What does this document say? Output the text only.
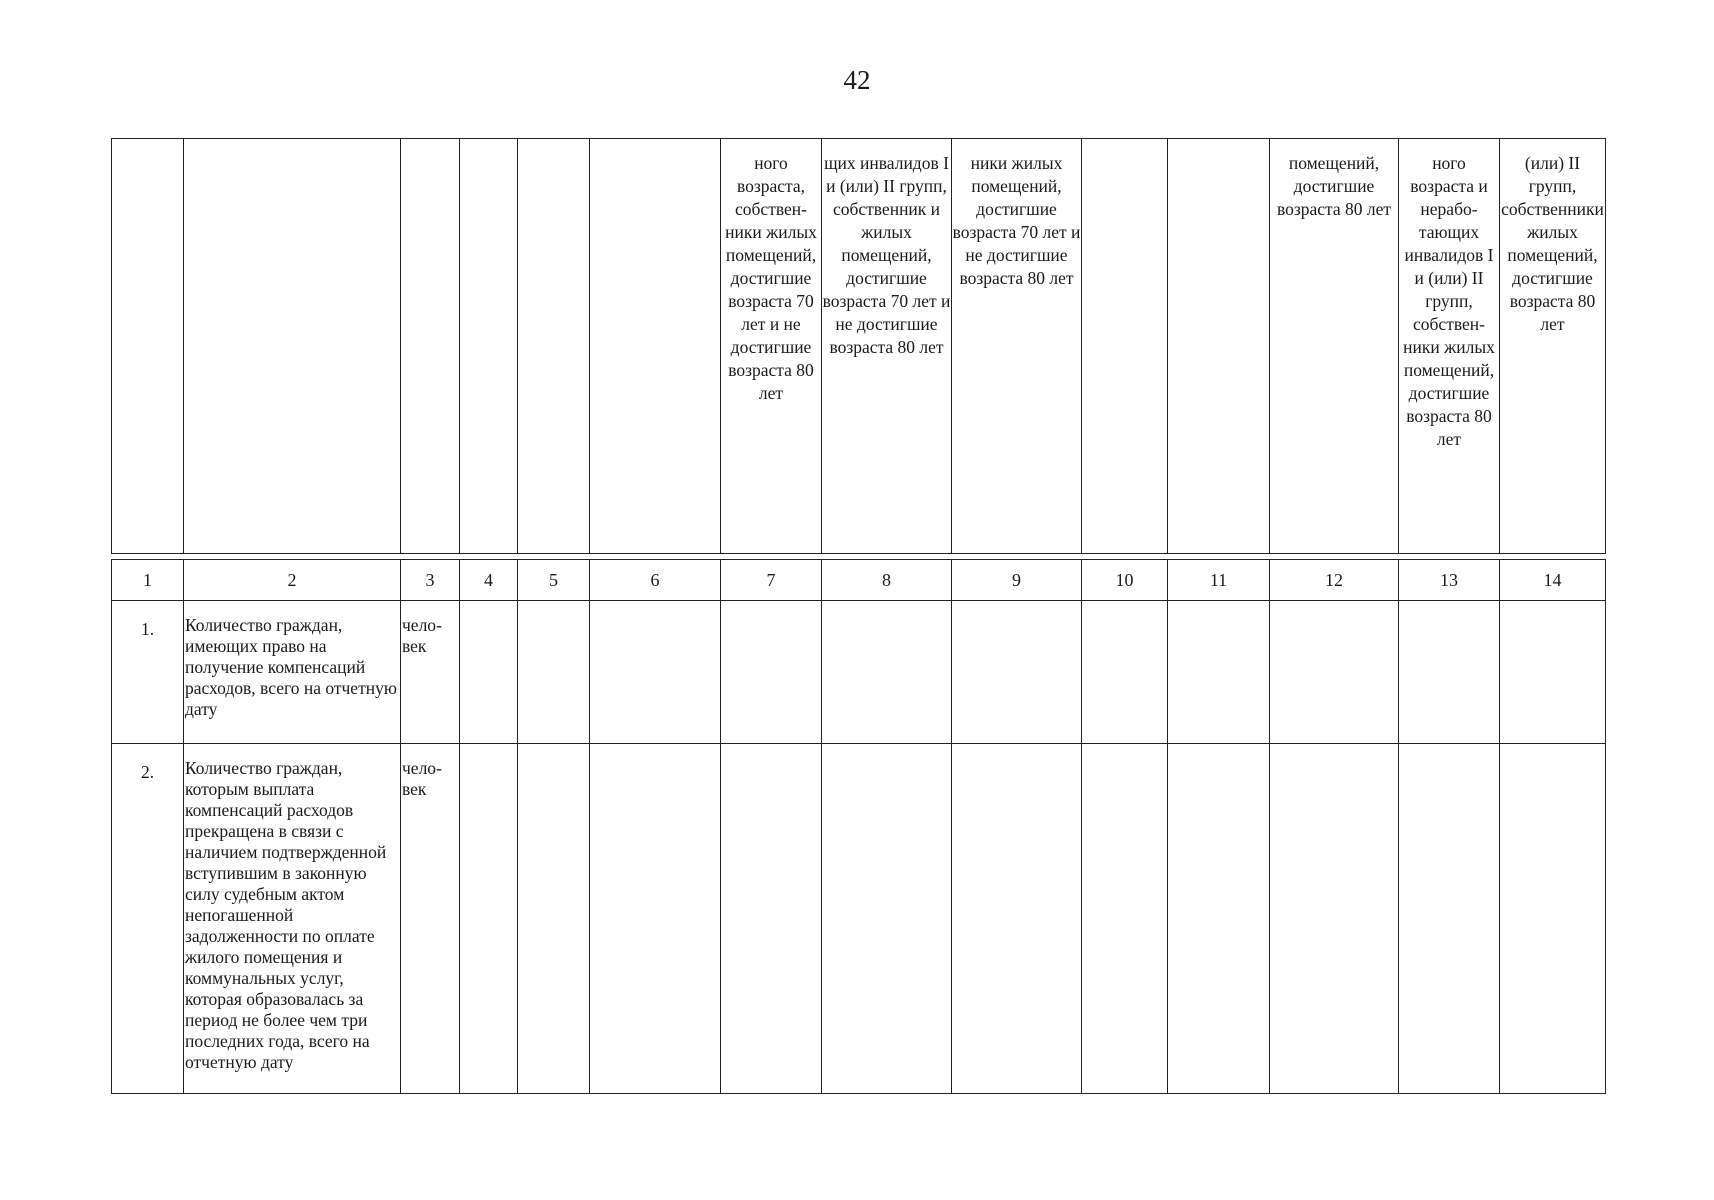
42
						ного возраста, собственники жилых помещений, достигшие возраста 70 лет и не достигшие возраста 80 лет	щих инвалидов I и (или) II групп, собственник и жилых помещений, достигшие возраста 70 лет и не достигшие возраста 80 лет	ники жилых помещений, достигшие возраста 70 лет и не достигшие возраста 80 лет			помещений, достигшие возраста 80 лет	ного возраста и неработающих инвалидов I и (или) II групп, собственники жилых помещений, достигшие возраста 80 лет	(или) II групп, собственники жилых помещений, достигшие возраста 80 лет
1	2	3	4	5	6	7	8	9	10	11	12	13	14
1.	Количество граждан, имеющих право на получение компенсаций расходов, всего на отчетную дату	человек											
2.	Количество граждан, которым выплата компенсаций расходов прекращена в связи с наличием подтвержденной вступившим в законную силу судебным актом непогашенной задолженности по оплате жилого помещения и коммунальных услуг, которая образовалась за период не более чем три последних года, всего на отчетную дату	человек											
